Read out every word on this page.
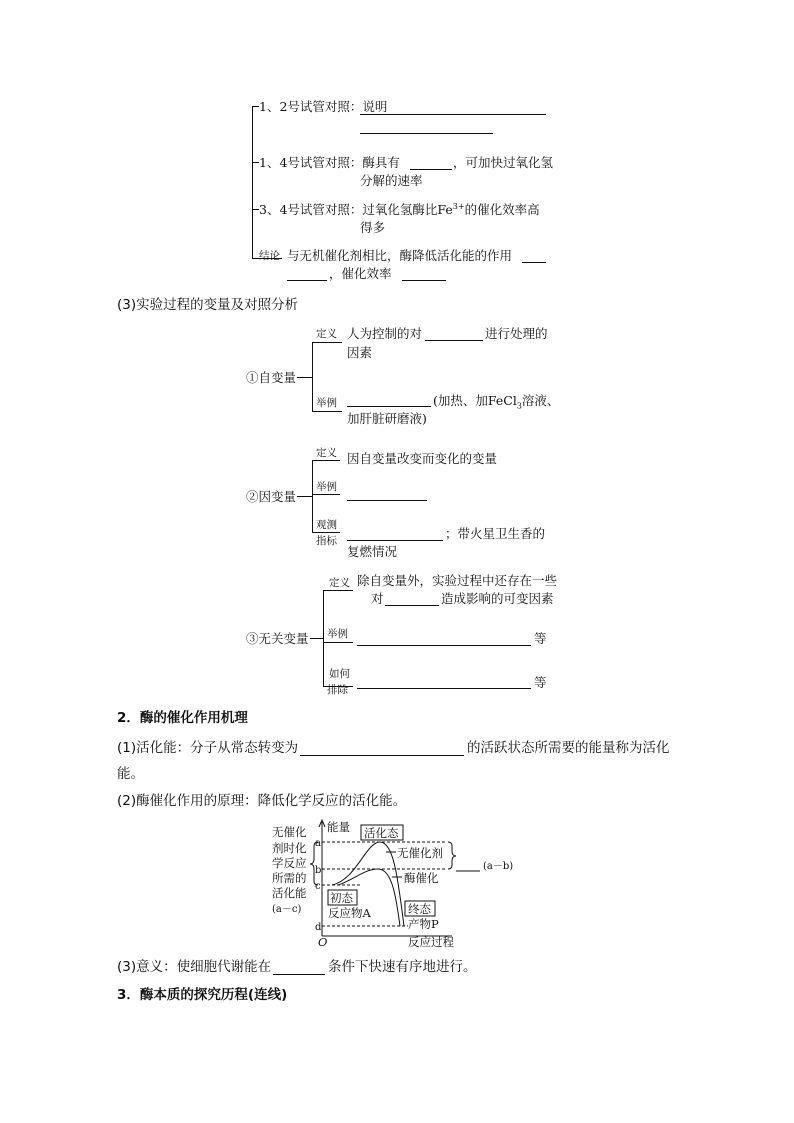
1、2号试管对照：说明
1、4号试管对照：酶具有	，可加快过氧化氢
分解的速率
3、4号试管对照：过氧化氢酶比$Fe^{3+}$的催化效率高
得多
结论 与无机催化剂相比，酶降低活化能的作用
，催化效率
(3)实验过程的变量及对照分析
①自变量
定义
举例
人为控制的对	进行处理的
因素
(加热、加FeCl$_3$溶液、
加肝脏研磨液)
②因变量
定义
举例
观测
指标
因自变量改变而变化的变量
；带火星卫生香的
复燃情况
③无关变量
定义
举例
如何
排除
除自变量外，实验过程中还存在一些
对	造成影响的可变因素
等
等
2．酶的催化作用机理
(1)活化能：分子从常态转变为	的活跃状态所需要的能量称为活化
能。
(2)酶催化作用的原理：降低化学反应的活化能。
无催化
剂时化
学反应
所需的
活化能
(a－c)
能量 活化态
无催化剂
酶催化
初态
反应物A	终态
产物P
反应过程
O
(a－b)
a
b
c
d
(3)意义：使细胞代谢能在	条件下快速有序地进行。
3．酶本质的探究历程(连线)
